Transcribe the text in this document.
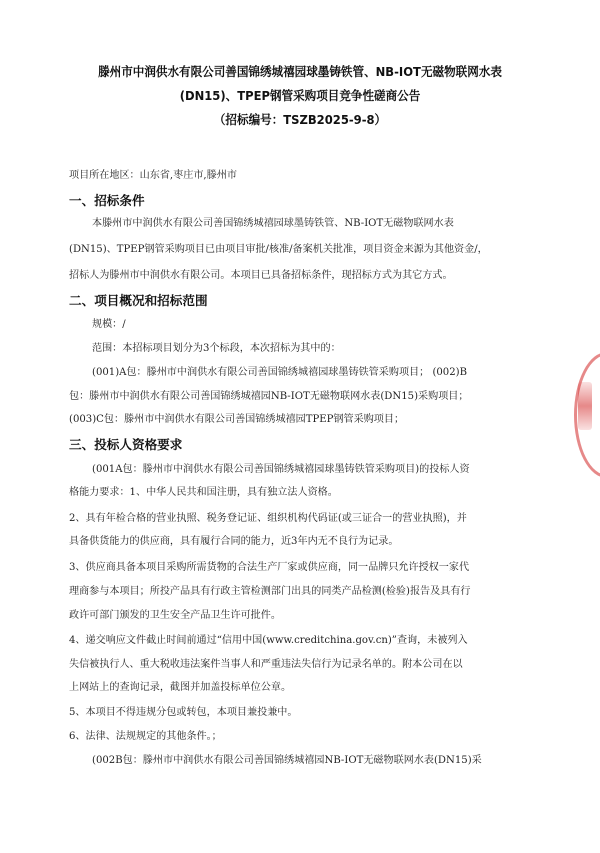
滕州市中润供水有限公司善国锦绣城禧园球墨铸铁管、NB-IOT无磁物联网水表
(DN15)、TPEP钢管采购项目竞争性磋商公告
（招标编号：TSZB2025-9-8）
项目所在地区：山东省,枣庄市,滕州市
一、招标条件
本滕州市中润供水有限公司善国锦绣城禧园球墨铸铁管、NB-IOT无磁物联网水表
(DN15)、TPEP钢管采购项目已由项目审批/核准/备案机关批准，项目资金来源为其他资金/，
招标人为滕州市中润供水有限公司。本项目已具备招标条件，现招标方式为其它方式。
二、项目概况和招标范围
规模：/
范围：本招标项目划分为3个标段，本次招标为其中的：
(001)A包：滕州市中润供水有限公司善国锦绣城禧园球墨铸铁管采购项目； (002)B
包：滕州市中润供水有限公司善国锦绣城禧园NB-IOT无磁物联网水表(DN15)采购项目；
(003)C包：滕州市中润供水有限公司善国锦绣城禧园TPEP钢管采购项目；
三、投标人资格要求
(001A包：滕州市中润供水有限公司善国锦绣城禧园球墨铸铁管采购项目)的投标人资
格能力要求：1、中华人民共和国注册，具有独立法人资格。
2、具有年检合格的营业执照、税务登记证、组织机构代码证(或三证合一的营业执照)，并
具备供货能力的供应商，具有履行合同的能力，近3年内无不良行为记录。
3、供应商具备本项目采购所需货物的合法生产厂家或供应商，同一品牌只允许授权一家代
理商参与本项目；所投产品具有行政主管检测部门出具的同类产品检测(检验)报告及具有行
政许可部门颁发的卫生安全产品卫生许可批件。
4、递交响应文件截止时间前通过“信用中国(www.creditchina.gov.cn)”查询，未被列入
失信被执行人、重大税收违法案件当事人和严重违法失信行为记录名单的。附本公司在以
上网站上的查询记录，截图并加盖投标单位公章。
5、本项目不得违规分包或转包，本项目兼投兼中。
6、法律、法规规定的其他条件。；
(002B包：滕州市中润供水有限公司善国锦绣城禧园NB-IOT无磁物联网水表(DN15)采
